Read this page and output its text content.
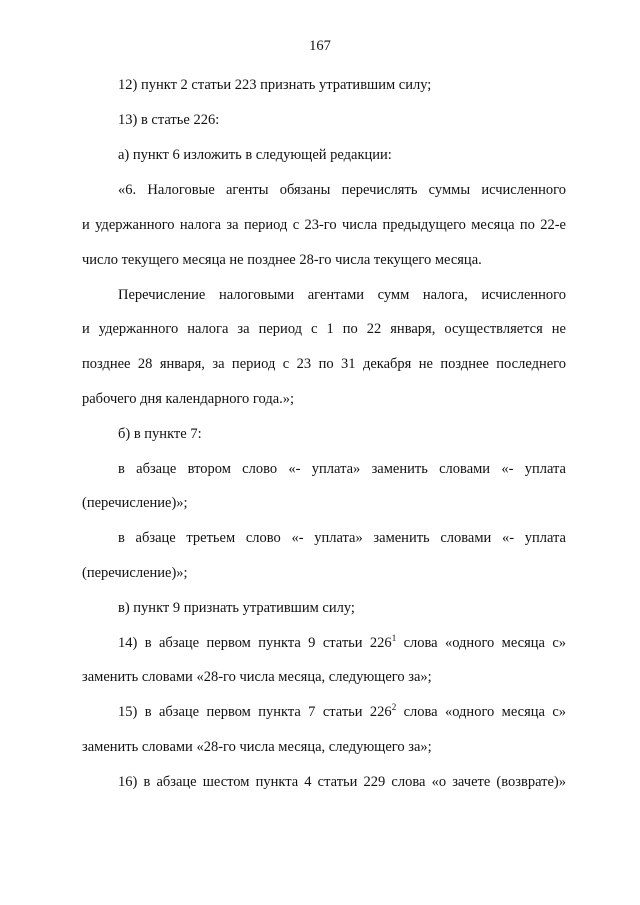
167
12) пункт 2 статьи 223 признать утратившим силу;
13) в статье 226:
а) пункт 6 изложить в следующей редакции:
«6. Налоговые агенты обязаны перечислять суммы исчисленного
и удержанного налога за период с 23-го числа предыдущего месяца по 22-е
число текущего месяца не позднее 28-го числа текущего месяца.
Перечисление налоговыми агентами сумм налога, исчисленного
и удержанного налога за период с 1 по 22 января, осуществляется не
позднее 28 января, за период с 23 по 31 декабря не позднее последнего
рабочего дня календарного года.»;
б) в пункте 7:
в абзаце втором слово «- уплата» заменить словами «- уплата
(перечисление)»;
в абзаце третьем слово «- уплата» заменить словами «- уплата
(перечисление)»;
в) пункт 9 признать утратившим силу;
14) в абзаце первом пункта 9 статьи $226^1$ слова «одного месяца с»
заменить словами «28-го числа месяца, следующего за»;
15) в абзаце первом пункта 7 статьи $226^2$ слова «одного месяца с»
заменить словами «28-го числа месяца, следующего за»;
16) в абзаце шестом пункта 4 статьи 229 слова «о зачете (возврате)»
